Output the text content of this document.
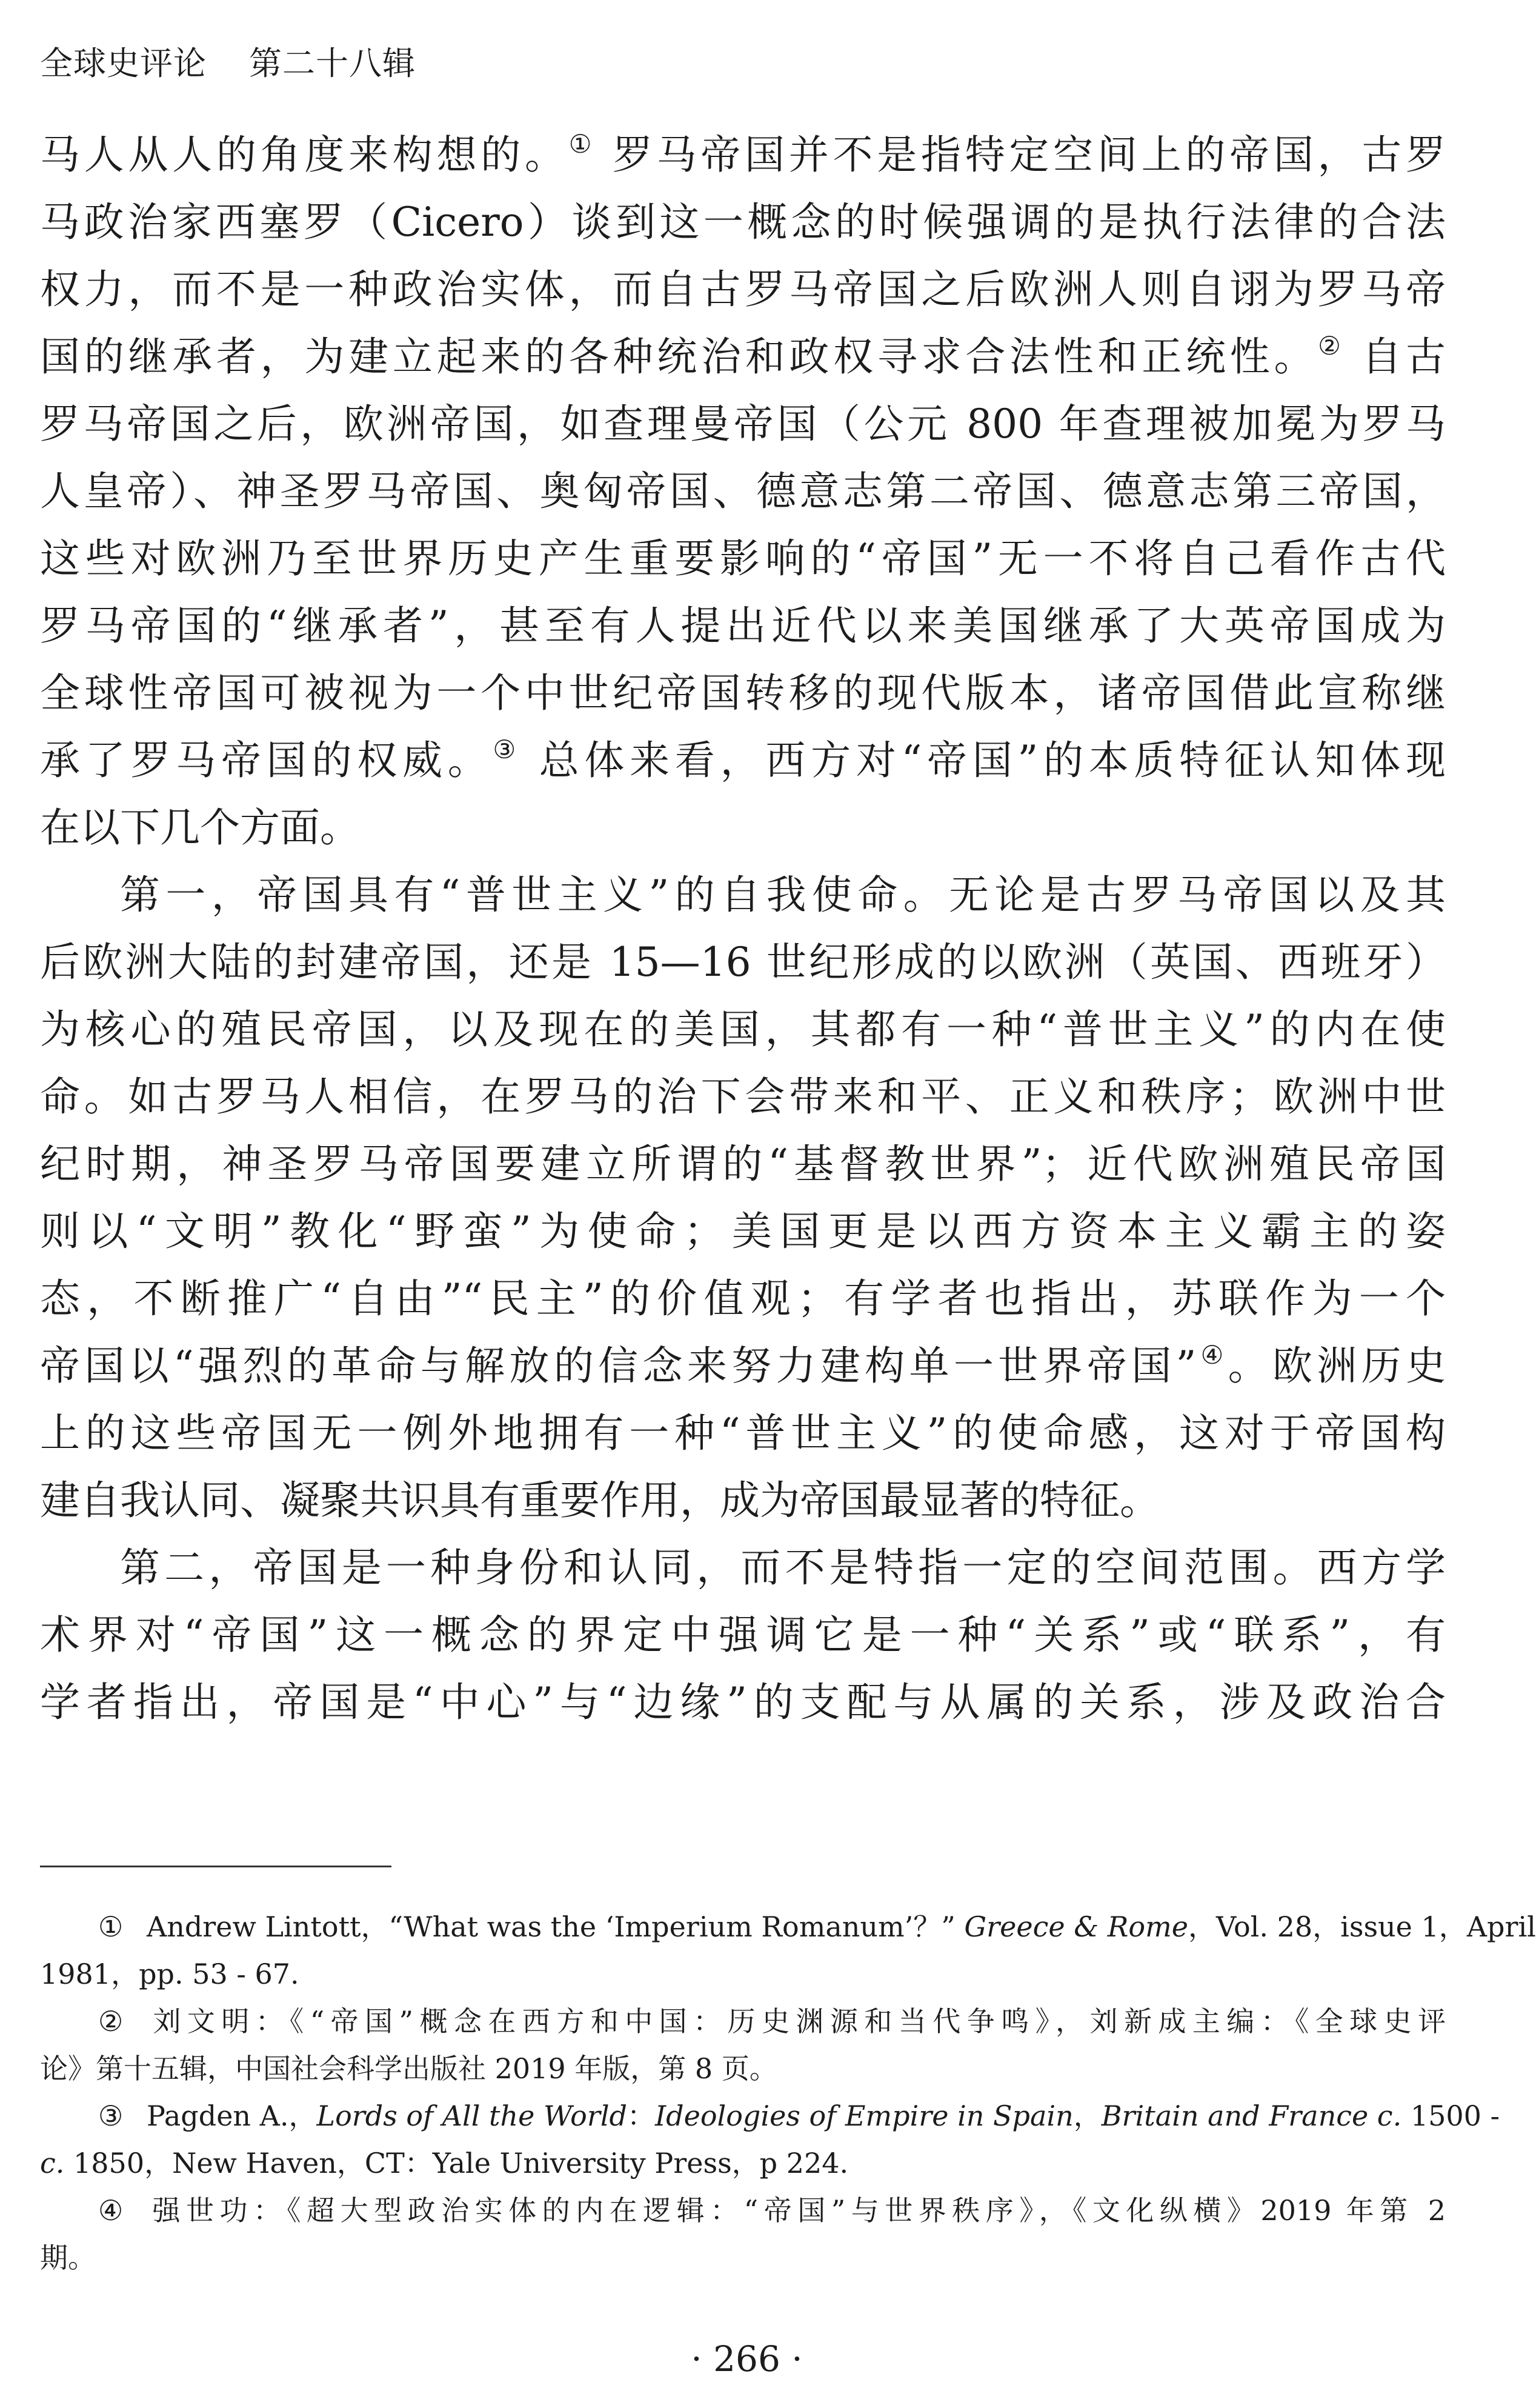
全球史评论 第二十八辑
马人从人的角度来构想的。① 罗马帝国并不是指特定空间上的帝国，古罗
马政治家西塞罗（Cicero）谈到这一概念的时候强调的是执行法律的合法
权力，而不是一种政治实体，而自古罗马帝国之后欧洲人则自诩为罗马帝
国的继承者，为建立起来的各种统治和政权寻求合法性和正统性。② 自古
罗马帝国之后，欧洲帝国，如查理曼帝国（公元 800 年查理被加冕为罗马
人皇帝）、神圣罗马帝国、奥匈帝国、德意志第二帝国、德意志第三帝国，
这些对欧洲乃至世界历史产生重要影响的“帝国”无一不将自己看作古代
罗马帝国的“继承者”，甚至有人提出近代以来美国继承了大英帝国成为
全球性帝国可被视为一个中世纪帝国转移的现代版本，诸帝国借此宣称继
承了罗马帝国的权威。③ 总体来看，西方对“帝国”的本质特征认知体现
在以下几个方面。
第一，帝国具有“普世主义”的自我使命。无论是古罗马帝国以及其
后欧洲大陆的封建帝国，还是 15—16 世纪形成的以欧洲（英国、西班牙）
为核心的殖民帝国，以及现在的美国，其都有一种“普世主义”的内在使
命。如古罗马人相信，在罗马的治下会带来和平、正义和秩序；欧洲中世
纪时期，神圣罗马帝国要建立所谓的“基督教世界”；近代欧洲殖民帝国
则以“文明”教化“野蛮”为使命；美国更是以西方资本主义霸主的姿
态，不断推广“自由”“民主”的价值观；有学者也指出，苏联作为一个
帝国以“强烈的革命与解放的信念来努力建构单一世界帝国”④。欧洲历史
上的这些帝国无一例外地拥有一种“普世主义”的使命感，这对于帝国构
建自我认同、凝聚共识具有重要作用，成为帝国最显著的特征。
第二，帝国是一种身份和认同，而不是特指一定的空间范围。西方学
术界对“帝国”这一概念的界定中强调它是一种“关系”或“联系”，有
学者指出，帝国是“中心”与“边缘”的支配与从属的关系，涉及政治合
① Andrew Lintott，“What was the ‘Imperium Romanum’？” Greece & Rome，Vol. 28，issue 1，April
1981，pp. 53 - 67.
② 刘文明：《“帝国”概念在西方和中国：历史渊源和当代争鸣》，刘新成主编：《全球史评
论》第十五辑，中国社会科学出版社 2019 年版，第 8 页。
③ Pagden A.，Lords of All the World：Ideologies of Empire in Spain，Britain and France c. 1500 -
c. 1850，New Haven，CT：Yale University Press，p 224.
④ 强世功：《超大型政治实体的内在逻辑：“帝国”与世界秩序》，《文化纵横》2019 年第 2
期。
· 266 ·
